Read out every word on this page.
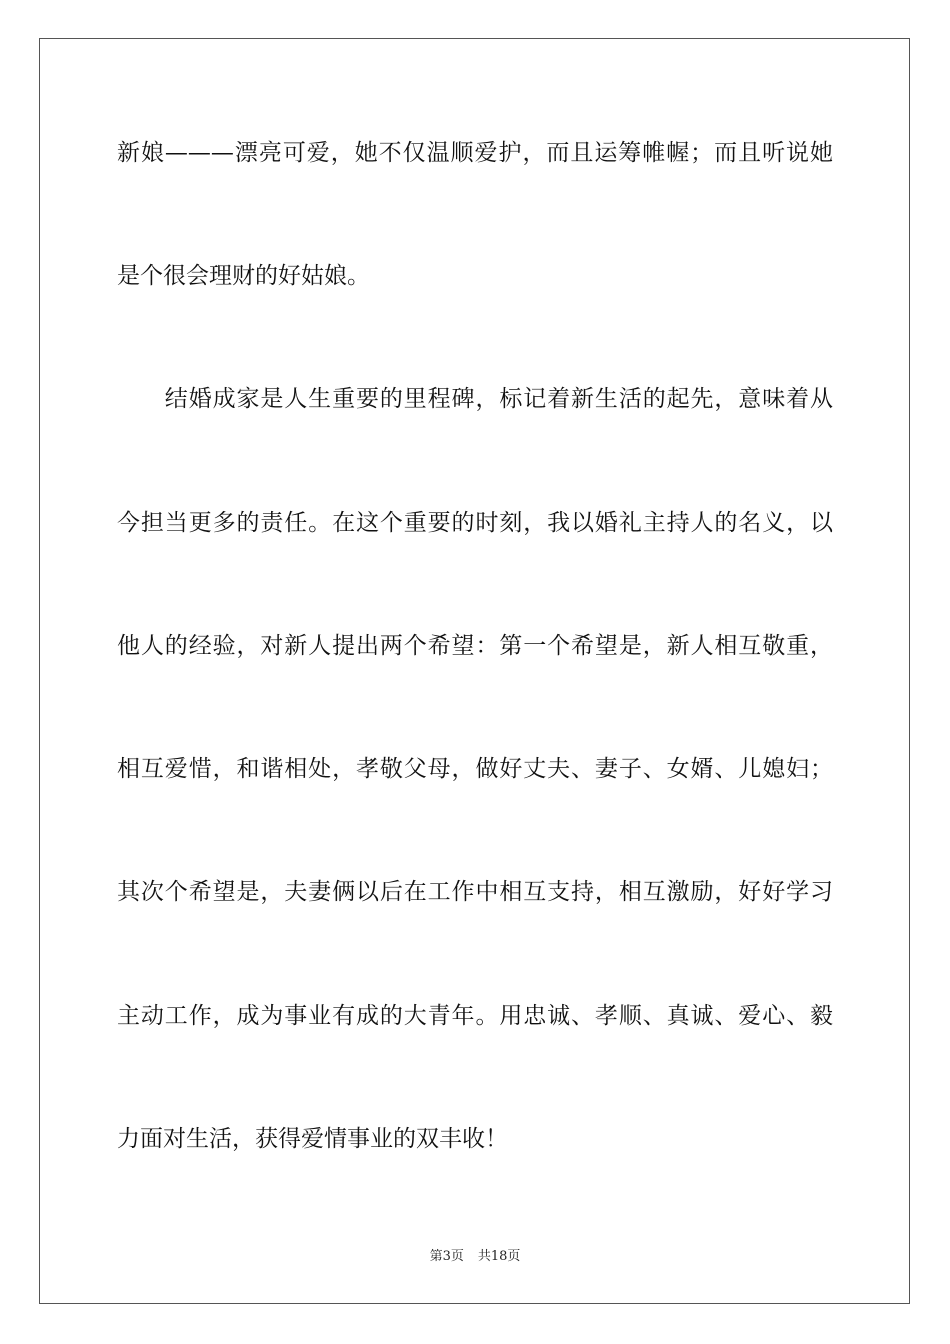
新娘———漂亮可爱，她不仅温顺爱护，而且运筹帷幄；而且听说她
是个很会理财的好姑娘。
　　结婚成家是人生重要的里程碑，标记着新生活的起先，意味着从
今担当更多的责任。在这个重要的时刻，我以婚礼主持人的名义，以
他人的经验，对新人提出两个希望：第一个希望是，新人相互敬重，
相互爱惜，和谐相处，孝敬父母，做好丈夫、妻子、女婿、儿媳妇；
其次个希望是，夫妻俩以后在工作中相互支持，相互激励，好好学习
主动工作，成为事业有成的大青年。用忠诚、孝顺、真诚、爱心、毅
力面对生活，获得爱情事业的双丰收！
第3页 共18页
